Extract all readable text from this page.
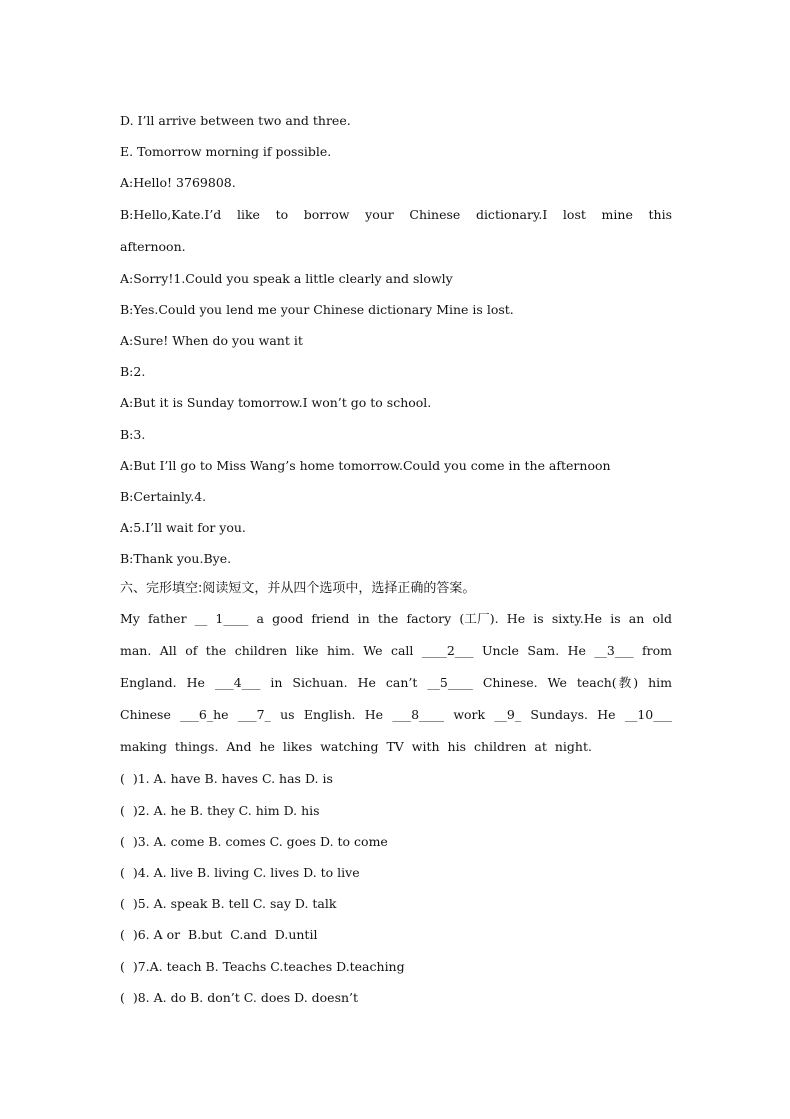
D. I’ll arrive between two and three.
E. Tomorrow morning if possible.
A:Hello! 3769808.
B:Hello,Kate.I’d like to borrow your Chinese dictionary.I lost mine this afternoon.
A:Sorry!1.Could you speak a little clearly and slowly
B:Yes.Could you lend me your Chinese dictionary Mine is lost.
A:Sure! When do you want it
B:2.
A:But it is Sunday tomorrow.I won’t go to school.
B:3.
A:But I’ll go to Miss Wang’s home tomorrow.Could you come in the afternoon
B:Certainly.4.
A:5.I’ll wait for you.
B:Thank you.Bye.
六、完形填空:阅读短文，并从四个选项中，选择正确的答案。
My father __ 1____ a good friend in the factory (工厂). He is sixty.He is an old man. All of the children like him. We call ____2___ Uncle Sam. He __3___ from England. He ___4___ in Sichuan. He can’t __5____ Chinese. We teach(教) him Chinese ___6_he ___7_ us English. He ___8____ work __9_ Sundays. He __10___ making things. And he likes watching TV with his children at night.
(  )1. A. have B. haves C. has D. is
(  )2. A. he B. they C. him D. his
(  )3. A. come B. comes C. goes D. to come
(  )4. A. live B. living C. lives D. to live
(  )5. A. speak B. tell C. say D. talk
(  )6. A or  B.but  C.and  D.until
(  )7.A. teach B. Teachs C.teaches D.teaching
(  )8. A. do B. don’t C. does D. doesn’t
